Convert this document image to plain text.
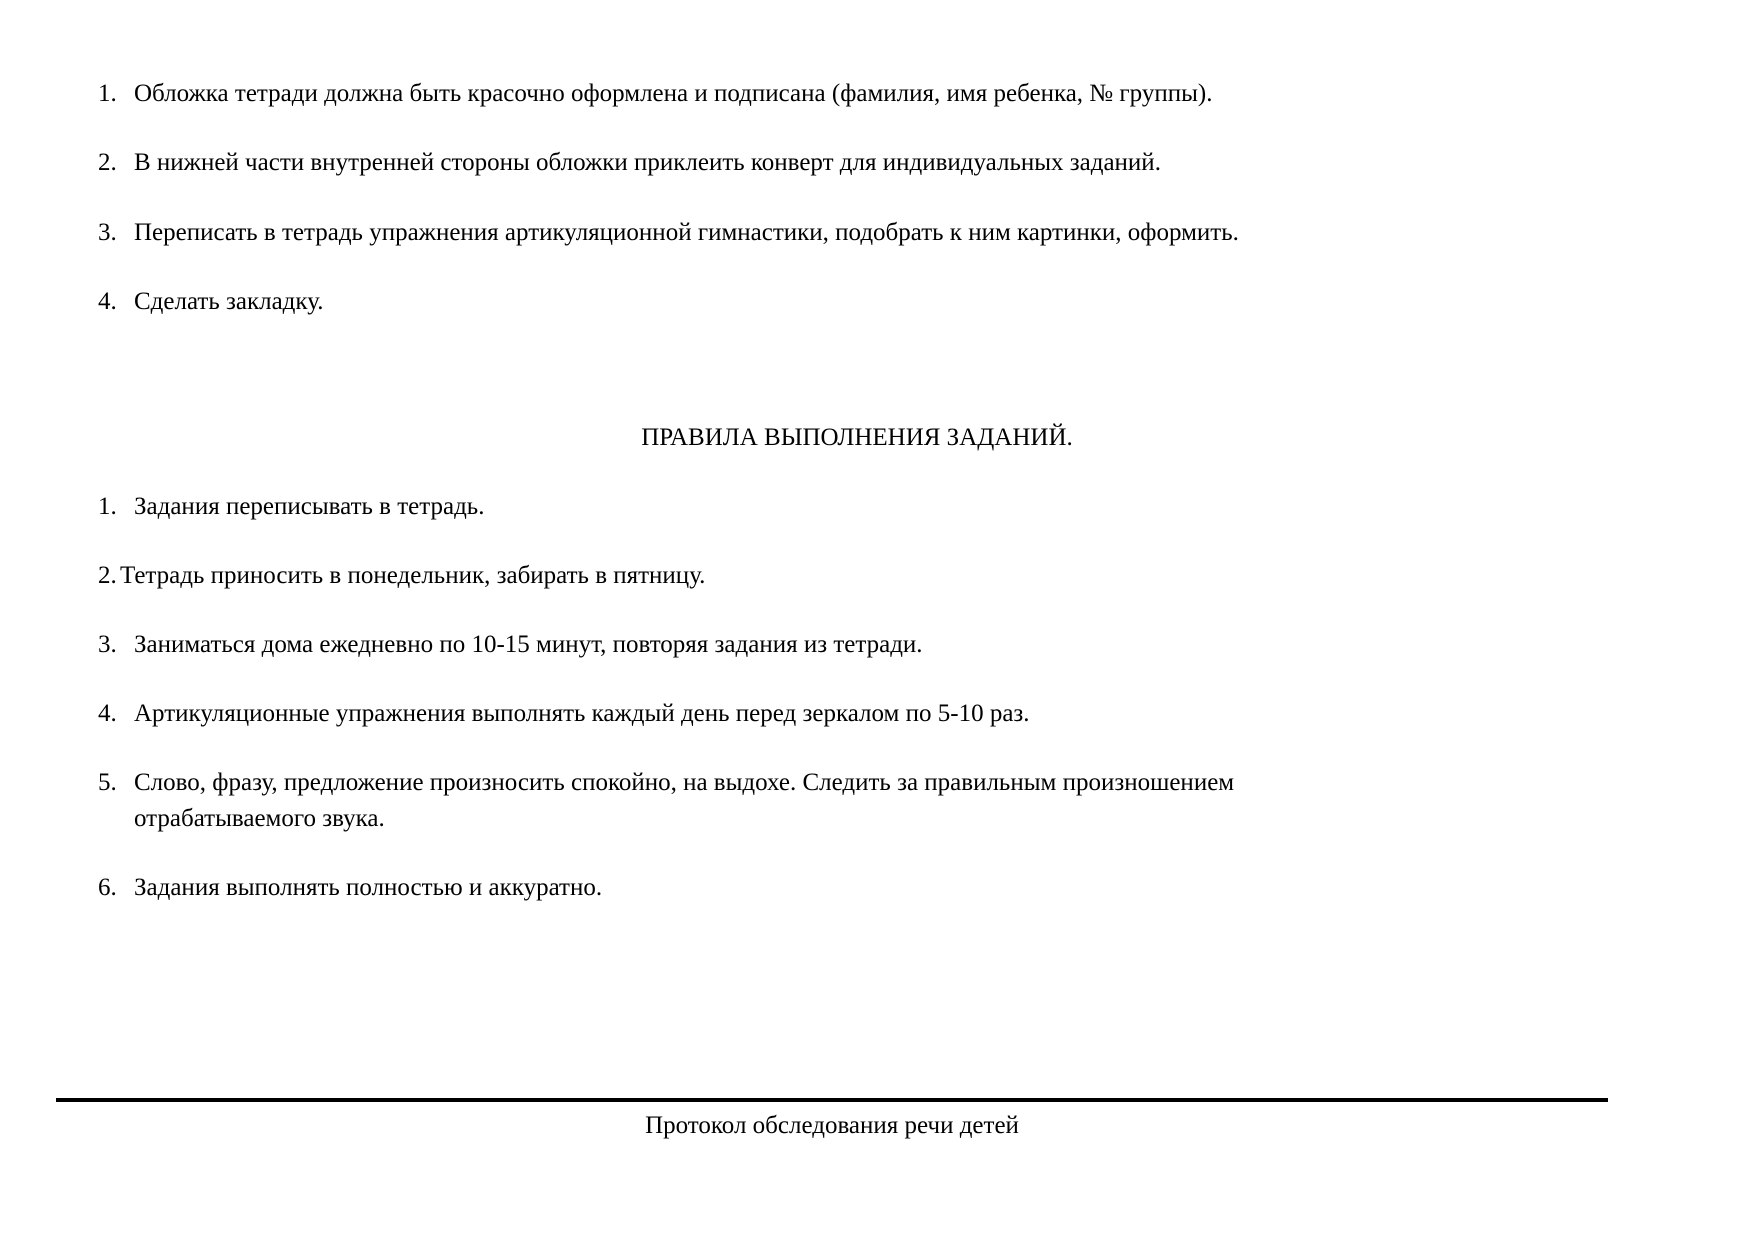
1. Обложка тетради должна быть красочно оформлена и подписана (фамилия, имя ребенка, № группы).
2. В нижней части внутренней стороны обложки приклеить конверт для индивидуальных заданий.
3. Переписать в тетрадь упражнения артикуляционной гимнастики, подобрать к ним картинки, оформить.
4. Сделать закладку.
ПРАВИЛА ВЫПОЛНЕНИЯ ЗАДАНИЙ.
1. Задания переписывать в тетрадь.
2. Тетрадь приносить в понедельник, забирать в пятницу.
3. Заниматься дома ежедневно по 10-15 минут, повторяя задания из тетради.
4. Артикуляционные упражнения выполнять каждый день перед зеркалом по 5-10 раз.
5. Слово, фразу, предложение произносить спокойно, на выдохе. Следить за правильным произношением
отрабатываемого звука.
6. Задания выполнять полностью и аккуратно.
Протокол обследования речи детей
